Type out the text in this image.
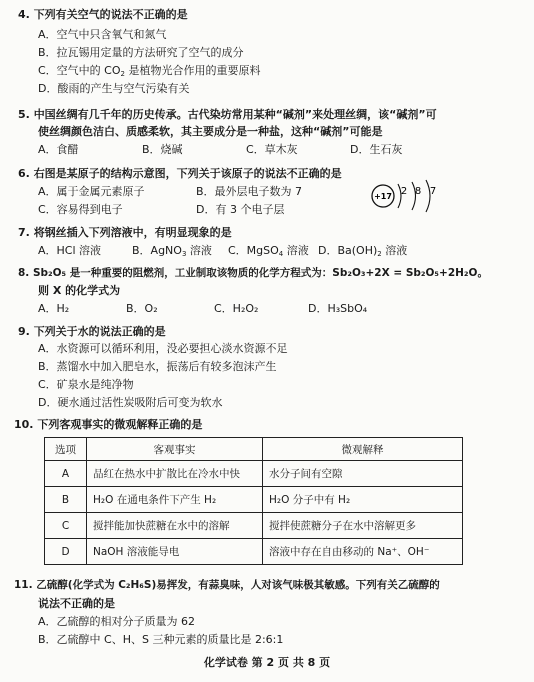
4. 下列有关空气的说法不正确的是
A．空气中只含氧气和氮气
B．拉瓦锡用定量的方法研究了空气的成分
C．空气中的 $CO_2$ 是植物光合作用的重要原料
D．酸雨的产生与空气污染有关
5. 中国丝绸有几千年的历史传承。古代染坊常用某种“碱剂”来处理丝绸，该“碱剂”可
使丝绸颜色洁白、质感柔软，其主要成分是一种盐，这种“碱剂”可能是
A．食醋	B．烧碱	C．草木灰	D．生石灰
6. 右图是某原子的结构示意图，下列关于该原子的说法不正确的是
A．属于金属元素原子	B．最外层电子数为 7
C．容易得到电子	D．有 3 个电子层
+17 2 8 7
7. 将钢丝插入下列溶液中，有明显现象的是
A．HCl 溶液	B．AgNO$_3$ 溶液 C．MgSO$_4$ 溶液 D．$Ba(OH)_2$ 溶液
8. Sb₂O₅ 是一种重要的阻燃剂，工业制取该物质的化学方程式为：Sb₂O₃+2X = Sb₂O₅+2H₂O。
则 X 的化学式为
A．H₂	B．O₂	C．H₂O₂	D．H₃SbO₄
9. 下列关于水的说法正确的是
A．水资源可以循环利用，没必要担心淡水资源不足
B．蒸馏水中加入肥皂水，振荡后有较多泡沫产生
C．矿泉水是纯净物
D．硬水通过活性炭吸附后可变为软水
10. 下列客观事实的微观解释正确的是
选项	客观事实	微观解释
A	品红在热水中扩散比在冷水中快	水分子间有空隙
B	H₂O 在通电条件下产生 H₂	H₂O 分子中有 H₂
C	搅拌能加快蔗糖在水中的溶解	搅拌使蔗糖分子在水中溶解更多
D	NaOH 溶液能导电	溶液中存在自由移动的 Na⁺、OH⁻
11. 乙硫醇(化学式为 C₂H₆S)易挥发，有蒜臭味，人对该气味极其敏感。下列有关乙硫醇的
说法不正确的是
A．乙硫醇的相对分子质量为 62
B．乙硫醇中 C、H、S 三种元素的质量比是 2:6:1
化学试卷 第 2 页 共 8 页
